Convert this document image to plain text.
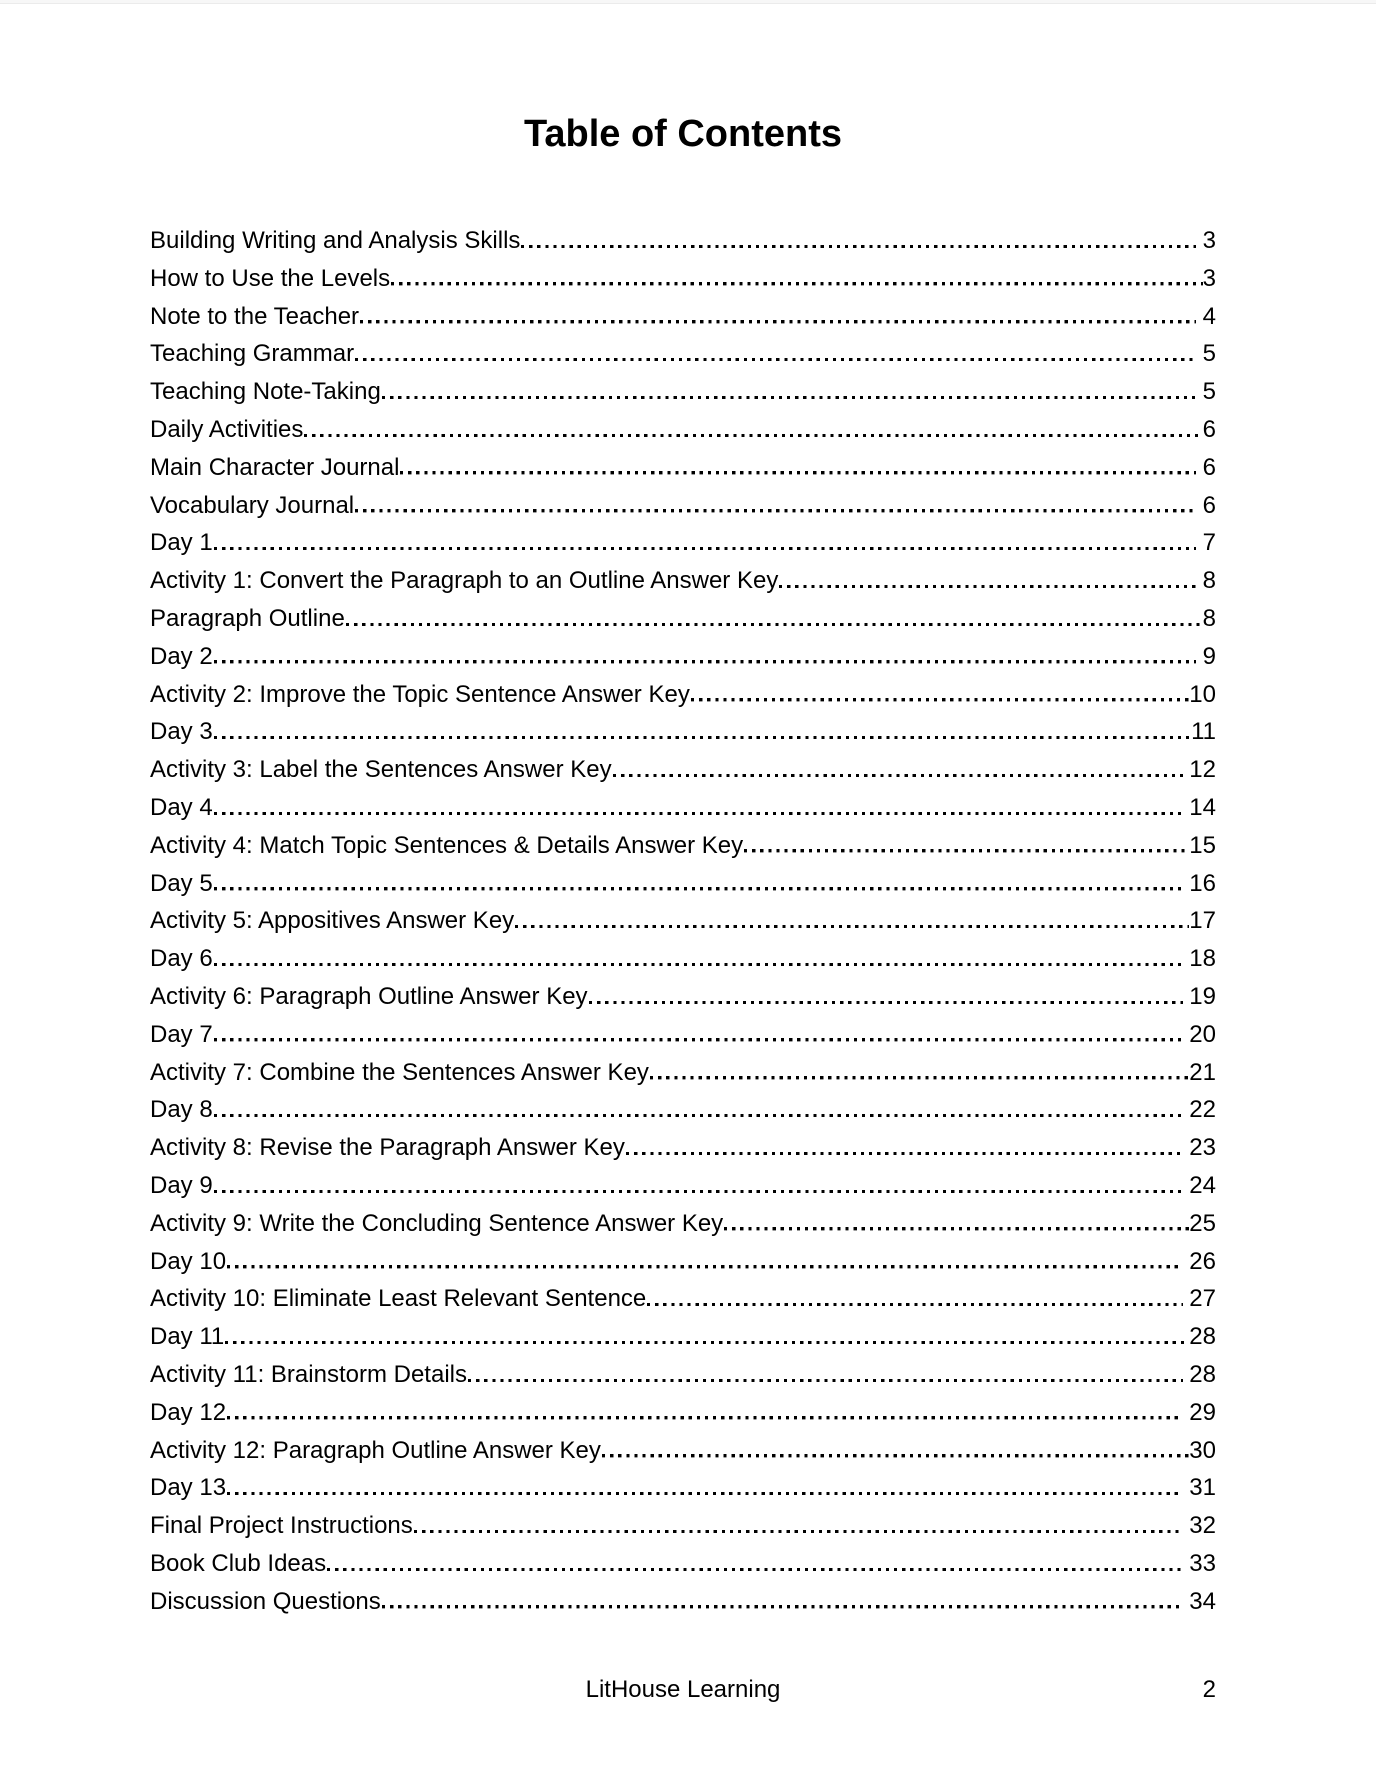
Table of Contents
Building Writing and Analysis Skills	3
How to Use the Levels	3
Note to the Teacher	4
Teaching Grammar	5
Teaching Note-Taking	5
Daily Activities	6
Main Character Journal	6
Vocabulary Journal	6
Day 1	7
Activity 1: Convert the Paragraph to an Outline Answer Key	8
Paragraph Outline	8
Day 2	9
Activity 2: Improve the Topic Sentence Answer Key	10
Day 3	11
Activity 3: Label the Sentences Answer Key	12
Day 4	14
Activity 4: Match Topic Sentences & Details Answer Key	15
Day 5	16
Activity 5: Appositives Answer Key	17
Day 6	18
Activity 6: Paragraph Outline Answer Key	19
Day 7	20
Activity 7: Combine the Sentences Answer Key	21
Day 8	22
Activity 8: Revise the Paragraph Answer Key	23
Day 9	24
Activity 9: Write the Concluding Sentence Answer Key	25
Day 10	26
Activity 10: Eliminate Least Relevant Sentence	27
Day 11	28
Activity 11: Brainstorm Details	28
Day 12	29
Activity 12: Paragraph Outline Answer Key	30
Day 13	31
Final Project Instructions	32
Book Club Ideas	33
Discussion Questions	34
LitHouse Learning	2
